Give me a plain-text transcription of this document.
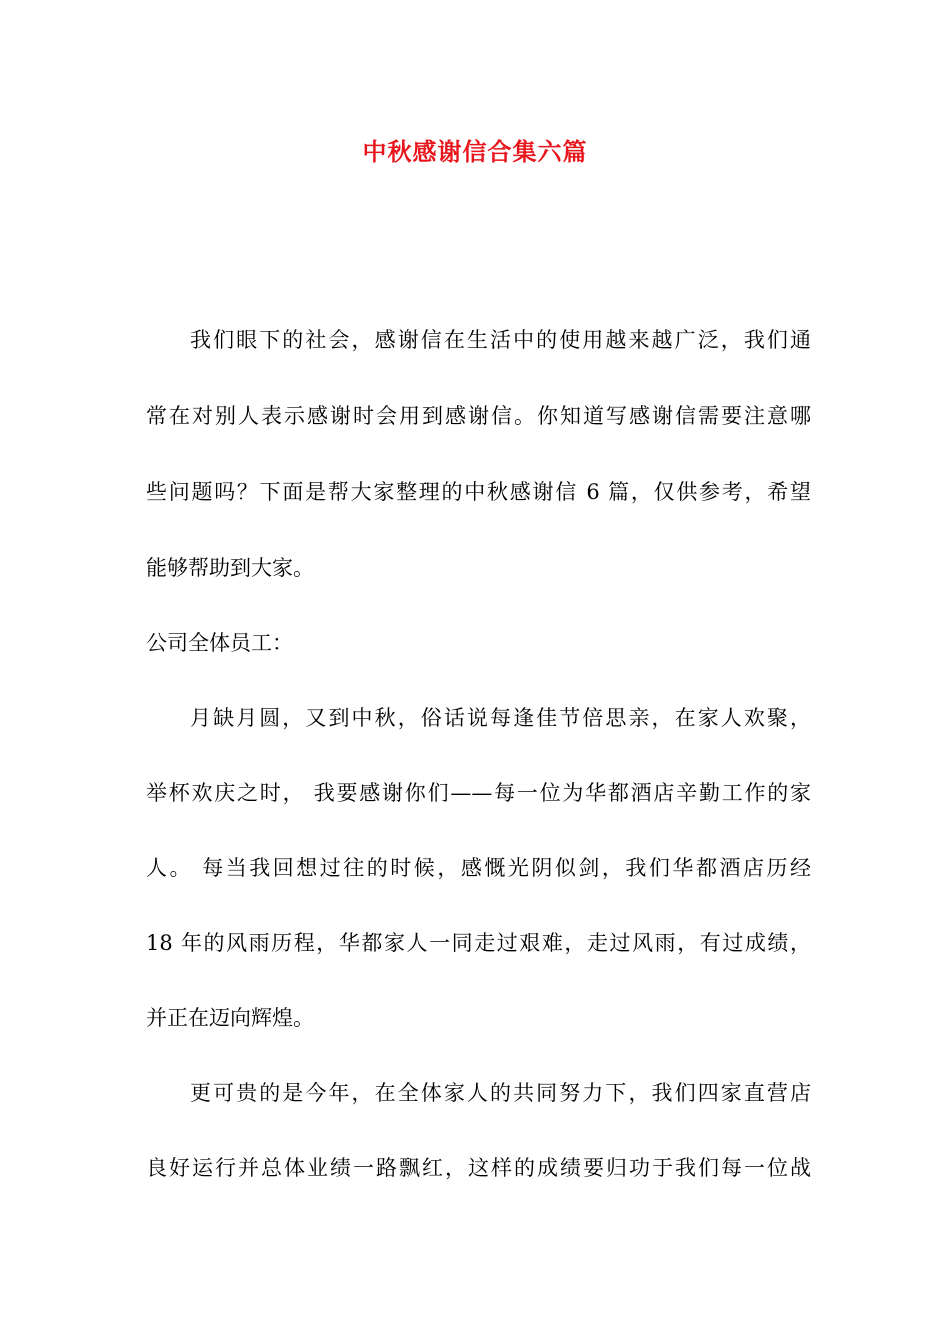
中秋感谢信合集六篇
我们眼下的社会，感谢信在生活中的使用越来越广泛，我们通
常在对别人表示感谢时会用到感谢信。你知道写感谢信需要注意哪
些问题吗？下面是帮大家整理的中秋感谢信 6 篇，仅供参考，希望
能够帮助到大家。
公司全体员工：
月缺月圆，又到中秋，俗话说每逢佳节倍思亲，在家人欢聚，
举杯欢庆之时， 我要感谢你们——每一位为华都酒店辛勤工作的家
人。 每当我回想过往的时候，感慨光阴似剑，我们华都酒店历经
18 年的风雨历程，华都家人一同走过艰难，走过风雨，有过成绩，
并正在迈向辉煌。
更可贵的是今年，在全体家人的共同努力下，我们四家直营店
良好运行并总体业绩一路飘红，这样的成绩要归功于我们每一位战
